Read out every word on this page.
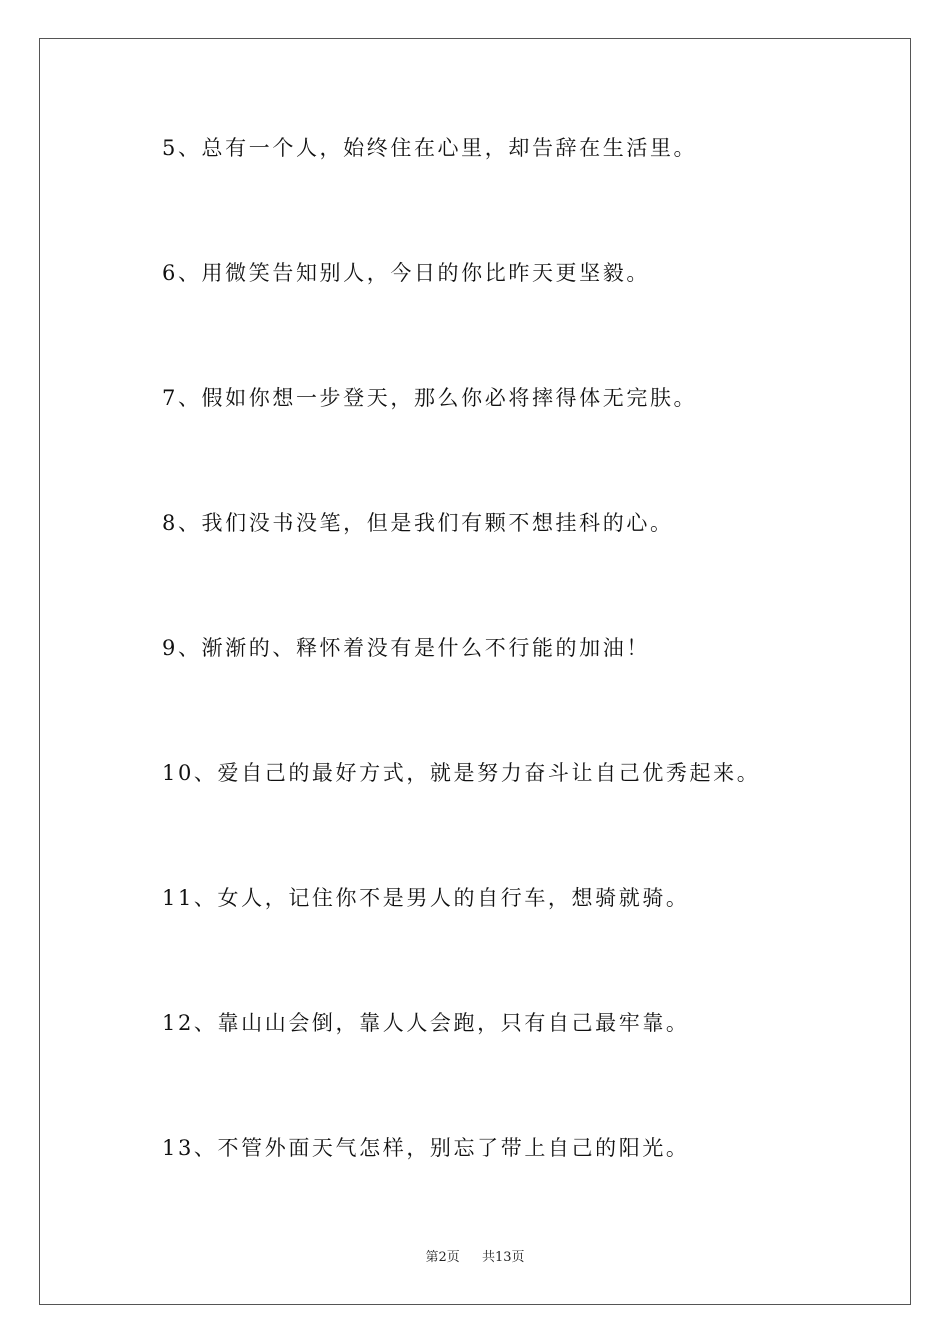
5、总有一个人，始终住在心里，却告辞在生活里。
6、用微笑告知别人，今日的你比昨天更坚毅。
7、假如你想一步登天，那么你必将摔得体无完肤。
8、我们没书没笔，但是我们有颗不想挂科的心。
9、渐渐的、释怀着没有是什么不行能的加油！
10、爱自己的最好方式，就是努力奋斗让自己优秀起来。
11、女人，记住你不是男人的自行车，想骑就骑。
12、靠山山会倒，靠人人会跑，只有自己最牢靠。
13、不管外面天气怎样，别忘了带上自己的阳光。
第2页 共13页
